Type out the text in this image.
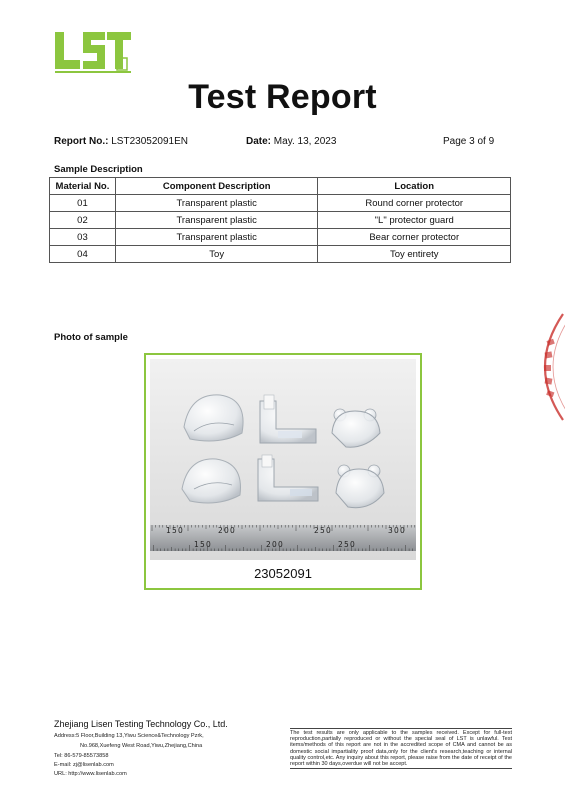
Test Report
Report No.: LST23052091EN	Date: May. 13, 2023	Page 3 of 9
Sample Description
Material No.	Component Description	Location
01	Transparent plastic	Round corner protector
02	Transparent plastic	"L" protector guard
03	Transparent plastic	Bear corner protector
04	Toy	Toy entirety
Photo of sample
150	200	250	300
150	200	250
23052091
Zhejiang Lisen Testing Technology Co., Ltd.
Address:5 Floor,Building 13,Yiwu Science&Technology Pzrk,
No.968,Xuefeng West Road,Yiwu,Zhejiang,China
Tel: 86-579-85573858
E-mail: zj@lisenlab.com
URL: http://www.lisenlab.com
The test results are only applicable to the samples received. Except for full-text reproduction,partially reproduced or without the special seal of LST is unlawful. Test items/methods of this report are not in the accredited scope of CMA and cannot be as domestic social impartiality proof data,only for the client's research,teaching or internal quality control,etc. Any inquiry about this report, please raise from the date of receipt of the report within 30 days,overdue will not be accept.
